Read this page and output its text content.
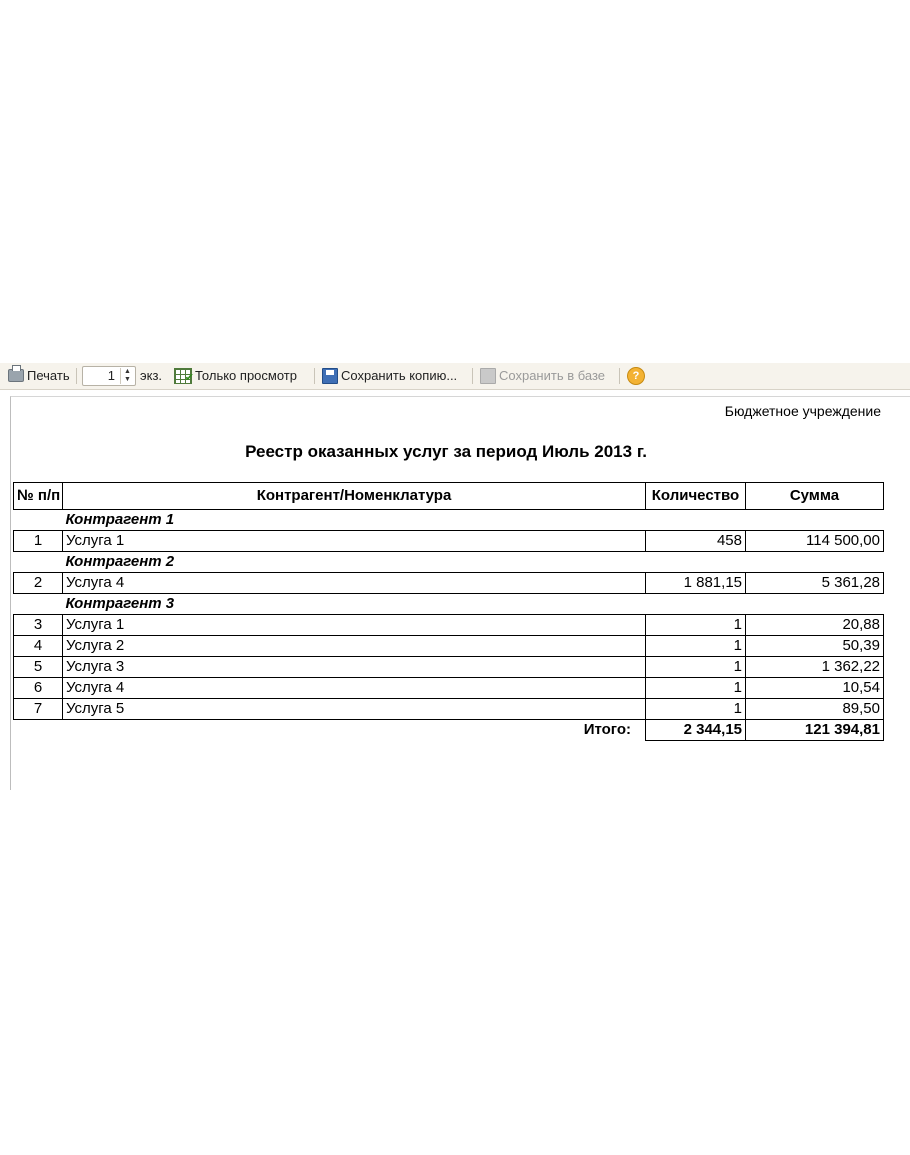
Печать	1	▲
▼ экз. ✔	Только просмотр	Сохранить копию...	Сохранить в базе	?
Бюджетное учреждение
Реестр оказанных услуг за период Июль 2013 г.
№ п/п	Контрагент/Номенклатура	Количество	Сумма
	Контрагент 1		
1	Услуга 1	458	114 500,00
	Контрагент 2		
2	Услуга 4	1 881,15	5 361,28
	Контрагент 3		
3	Услуга 1	1	20,88
4	Услуга 2	1	50,39
5	Услуга 3	1	1 362,22
6	Услуга 4	1	10,54
7	Услуга 5	1	89,50
	Итого:	2 344,15	121 394,81
